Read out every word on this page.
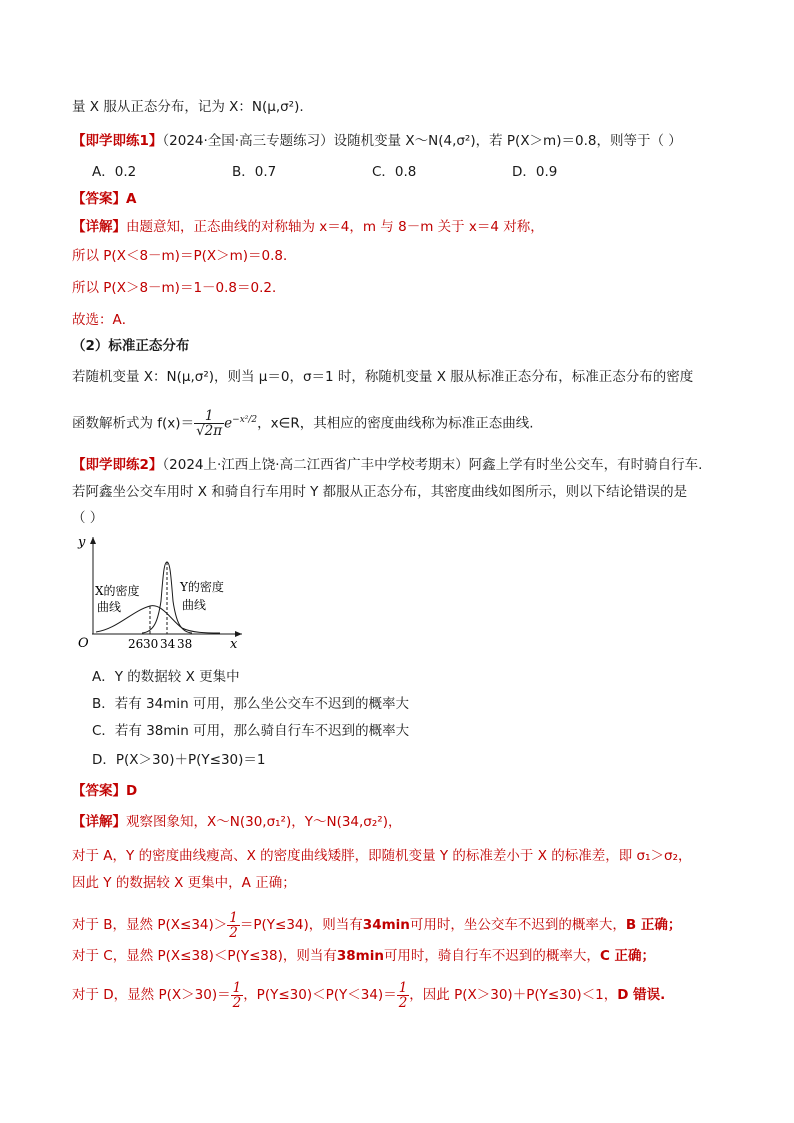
量 X 服从正态分布，记为 X：N(μ,σ²).
【即学即练1】（2024·全国·高三专题练习）设随机变量 X～N(4,σ²)，若 P(X＞m)＝0.8，则等于（ ）
A．0.2	B．0.7	C．0.8	D．0.9
【答案】A
【详解】由题意知，正态曲线的对称轴为 x＝4，m 与 8－m 关于 x＝4 对称，
所以 P(X＜8－m)＝P(X＞m)＝0.8．
所以 P(X＞8－m)＝1－0.8＝0.2．
故选：A．
（2）标准正态分布
若随机变量 X：N(μ,σ²)，则当 μ＝0，σ＝1 时，称随机变量 X 服从标准正态分布，标准正态分布的密度
函数解析式为 $f(x)= \frac{1}{√2\pi} e^{-x^2/2}$，x∈R，其相应的密度曲线称为标准正态曲线.
【即学即练2】（2024上·江西上饶·高二江西省广丰中学校考期末）阿鑫上学有时坐公交车，有时骑自行车.
若阿鑫坐公交车用时 X 和骑自行车用时 Y 都服从正态分布，其密度曲线如图所示，则以下结论错误的是
（ ）
y
x
O	26 30 34 38
X的密度
曲线
Y的密度
曲线
A．Y 的数据较 X 更集中
B．若有 34min 可用，那么坐公交车不迟到的概率大
C．若有 38min 可用，那么骑自行车不迟到的概率大
D．P(X＞30)＋P(Y≤30)＝1
【答案】D
【详解】观察图象知，X～N(30,σ₁²)，Y～N(34,σ₂²)，
对于 A，Y 的密度曲线瘦高、X 的密度曲线矮胖，即随机变量 Y 的标准差小于 X 的标准差，即 σ₁＞σ₂，
因此 Y 的数据较 X 更集中，A 正确；
对于 B，显然 $P(X\le 34)> \frac{1}{2} =P(Y\le 34)$，则当有34min可用时，坐公交车不迟到的概率大，B 正确；
对于 C，显然 P(X≤38)＜P(Y≤38)，则当有38min可用时，骑自行车不迟到的概率大，C 正确；
对于 D，显然 $P(X>30)= \frac{1}{2}$ ，$P(Y\le 30)<P(Y<34)= \frac{1}{2}$ ，因此 P(X＞30)＋P(Y≤30)＜1，D 错误.
